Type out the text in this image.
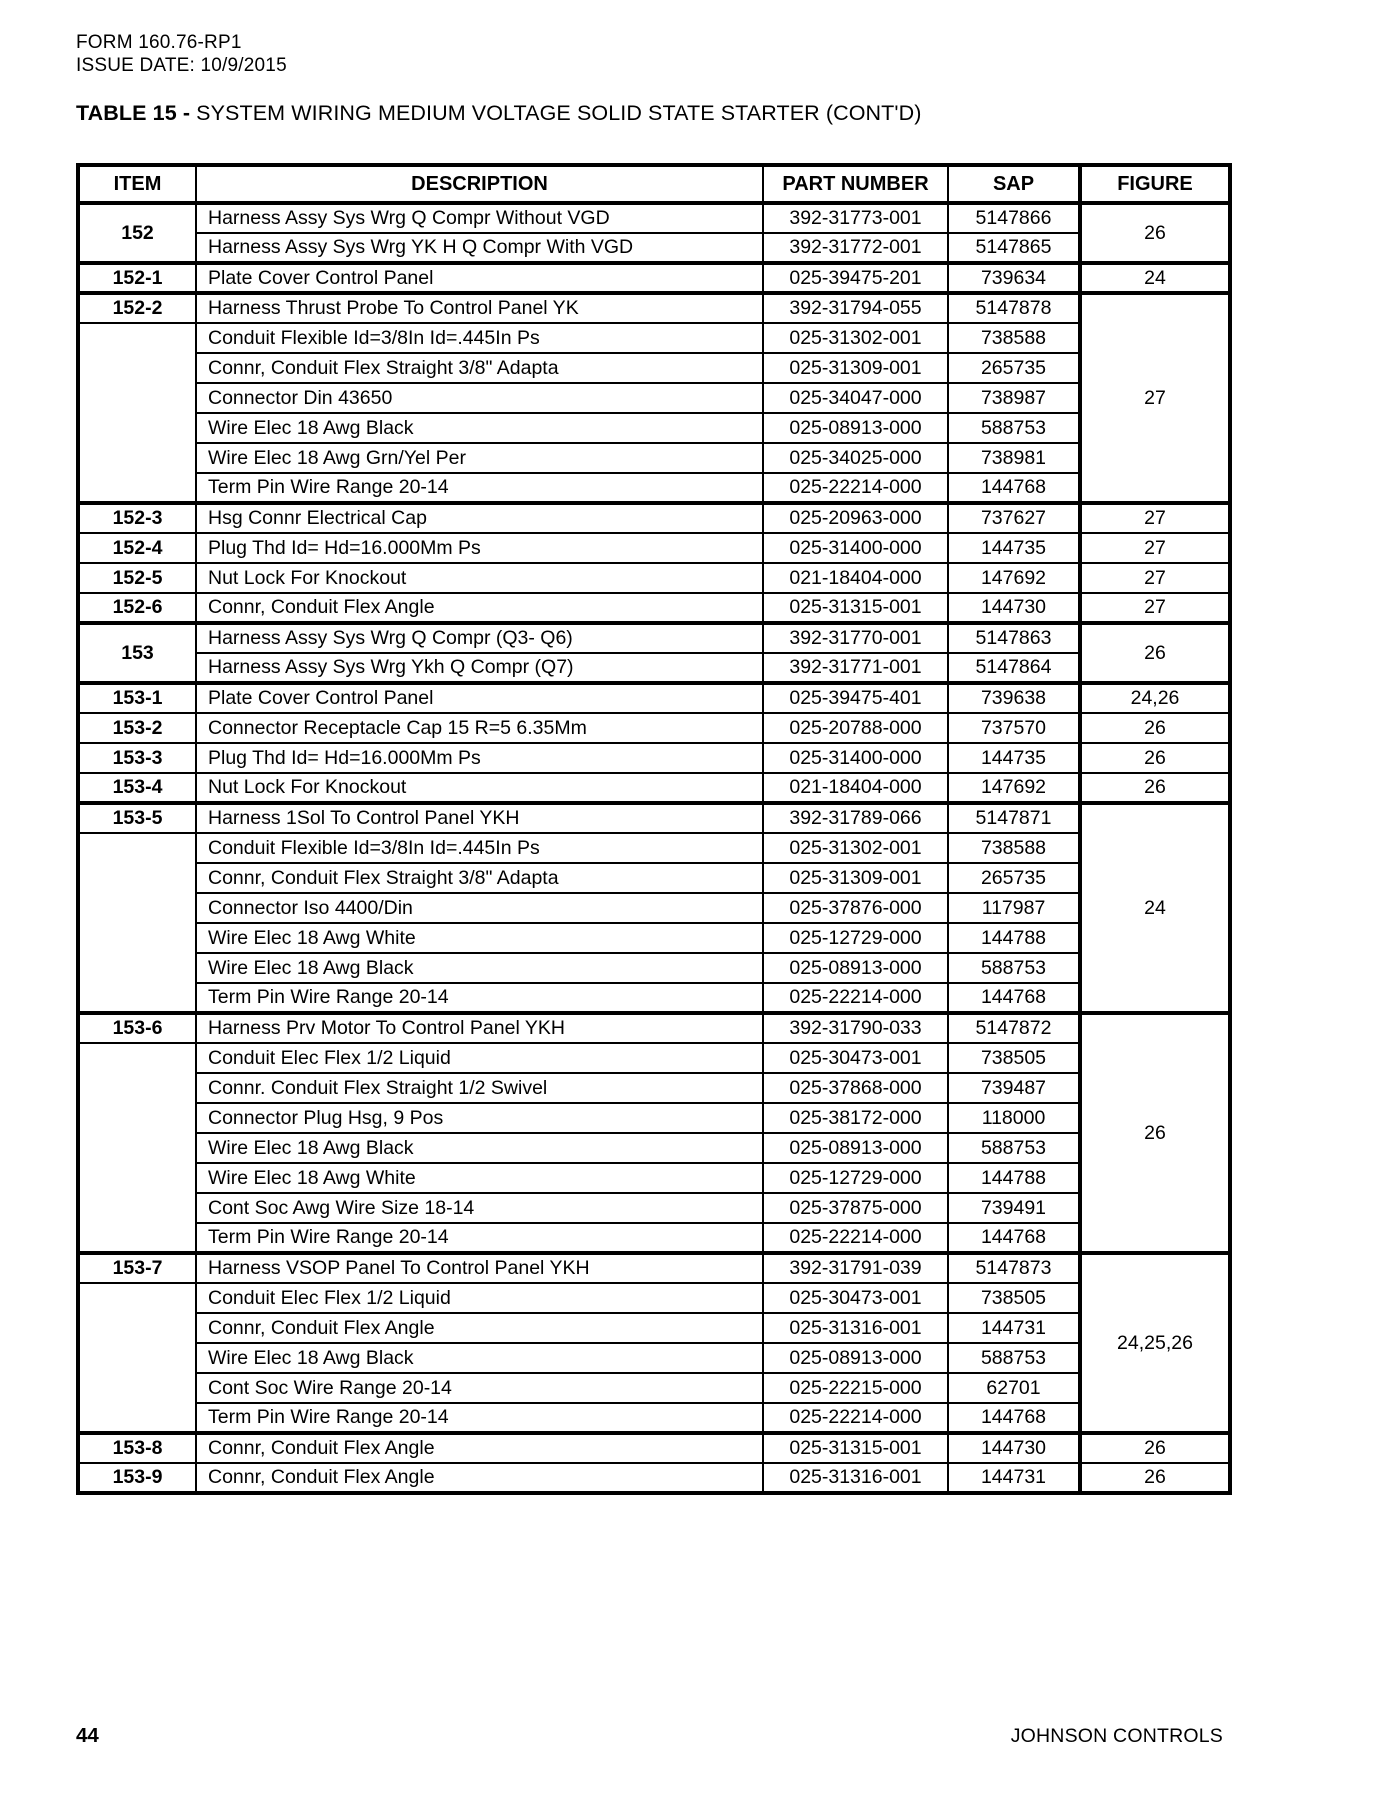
FORM 160.76-RP1
ISSUE DATE: 10/9/2015
TABLE 15 - SYSTEM WIRING MEDIUM VOLTAGE SOLID STATE STARTER (CONT'D)
ITEM	DESCRIPTION	PART NUMBER	SAP	FIGURE
152	Harness Assy Sys Wrg Q Compr Without VGD	392-31773-001	5147866	26
	Harness Assy Sys Wrg YK H Q Compr With VGD	392-31772-001	5147865	
152-1	Plate Cover Control Panel	025-39475-201	739634	24
152-2	Harness Thrust Probe To Control Panel YK	392-31794-055	5147878	27
	Conduit Flexible Id=3/8In Id=.445In Ps	025-31302-001	738588	
	Connr, Conduit Flex Straight 3/8" Adapta	025-31309-001	265735	
	Connector Din 43650	025-34047-000	738987	
	Wire Elec 18 Awg Black	025-08913-000	588753	
	Wire Elec 18 Awg Grn/Yel Per	025-34025-000	738981	
	Term Pin Wire Range 20-14	025-22214-000	144768	
152-3	Hsg Connr Electrical Cap	025-20963-000	737627	27
152-4	Plug Thd Id= Hd=16.000Mm Ps	025-31400-000	144735	27
152-5	Nut Lock For Knockout	021-18404-000	147692	27
152-6	Connr, Conduit Flex Angle	025-31315-001	144730	27
153	Harness Assy Sys Wrg Q Compr (Q3- Q6)	392-31770-001	5147863	26
	Harness Assy Sys Wrg Ykh Q Compr (Q7)	392-31771-001	5147864	
153-1	Plate Cover Control Panel	025-39475-401	739638	24,26
153-2	Connector Receptacle Cap 15 R=5 6.35Mm	025-20788-000	737570	26
153-3	Plug Thd Id= Hd=16.000Mm Ps	025-31400-000	144735	26
153-4	Nut Lock For Knockout	021-18404-000	147692	26
153-5	Harness 1Sol To Control Panel YKH	392-31789-066	5147871	24
	Conduit Flexible Id=3/8In Id=.445In Ps	025-31302-001	738588	
	Connr, Conduit Flex Straight 3/8" Adapta	025-31309-001	265735	
	Connector Iso 4400/Din	025-37876-000	117987	
	Wire Elec 18 Awg White	025-12729-000	144788	
	Wire Elec 18 Awg Black	025-08913-000	588753	
	Term Pin Wire Range 20-14	025-22214-000	144768	
153-6	Harness Prv Motor To Control Panel YKH	392-31790-033	5147872	26
	Conduit Elec Flex 1/2 Liquid	025-30473-001	738505	
	Connr. Conduit Flex Straight 1/2 Swivel	025-37868-000	739487	
	Connector Plug Hsg, 9 Pos	025-38172-000	118000	
	Wire Elec 18 Awg Black	025-08913-000	588753	
	Wire Elec 18 Awg White	025-12729-000	144788	
	Cont Soc Awg Wire Size 18-14	025-37875-000	739491	
	Term Pin Wire Range 20-14	025-22214-000	144768	
153-7	Harness VSOP Panel To Control Panel YKH	392-31791-039	5147873	24,25,26
	Conduit Elec Flex 1/2 Liquid	025-30473-001	738505	
	Connr, Conduit Flex Angle	025-31316-001	144731	
	Wire Elec 18 Awg Black	025-08913-000	588753	
	Cont Soc Wire Range 20-14	025-22215-000	62701	
	Term Pin Wire Range 20-14	025-22214-000	144768	
153-8	Connr, Conduit Flex Angle	025-31315-001	144730	26
153-9	Connr, Conduit Flex Angle	025-31316-001	144731	26
44	JOHNSON CONTROLS
